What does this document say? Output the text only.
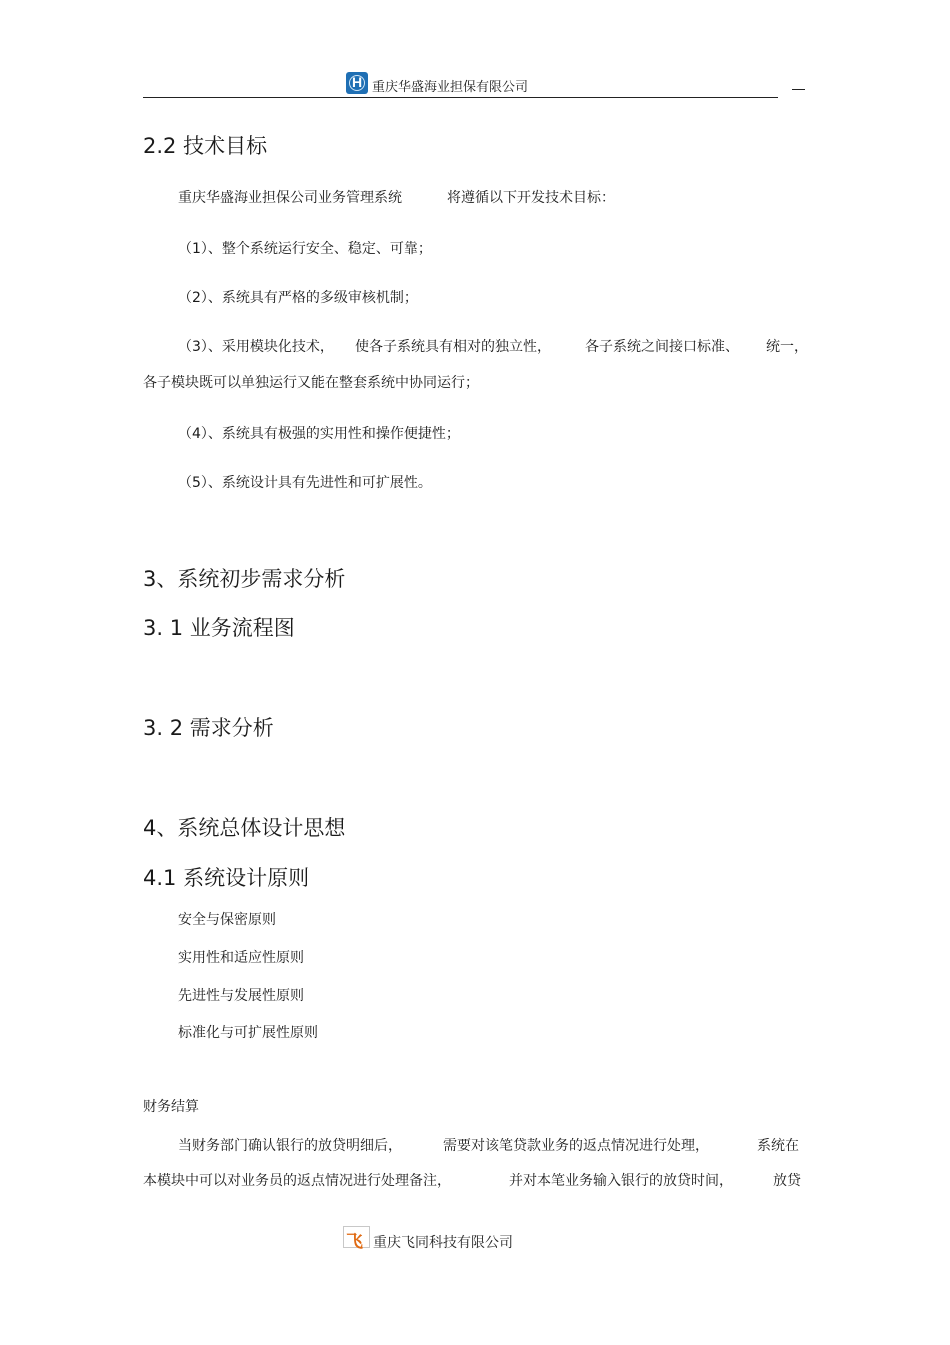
H 重庆华盛海业担保有限公司
2.2 技术目标
重庆华盛海业担保公司业务管理系统	将遵循以下开发技术目标：
（1）、整个系统运行安全、稳定、可靠；
（2）、系统具有严格的多级审核机制；
（3）、采用模块化技术， 使各子系统具有相对的独立性， 各子系统之间接口标准、 统一，
各子模块既可以单独运行又能在整套系统中协同运行；
（4）、系统具有极强的实用性和操作便捷性；
（5）、系统设计具有先进性和可扩展性。
3、系统初步需求分析
3. 1 业务流程图
3. 2 需求分析
4、系统总体设计思想
4.1 系统设计原则
安全与保密原则
实用性和适应性原则
先进性与发展性原则
标准化与可扩展性原则
财务结算
当财务部门确认银行的放贷明细后，	需要对该笔贷款业务的返点情况进行处理，	系统在
本模块中可以对业务员的返点情况进行处理备注，	并对本笔业务输入银行的放贷时间，	放贷
飞 重庆飞同科技有限公司
